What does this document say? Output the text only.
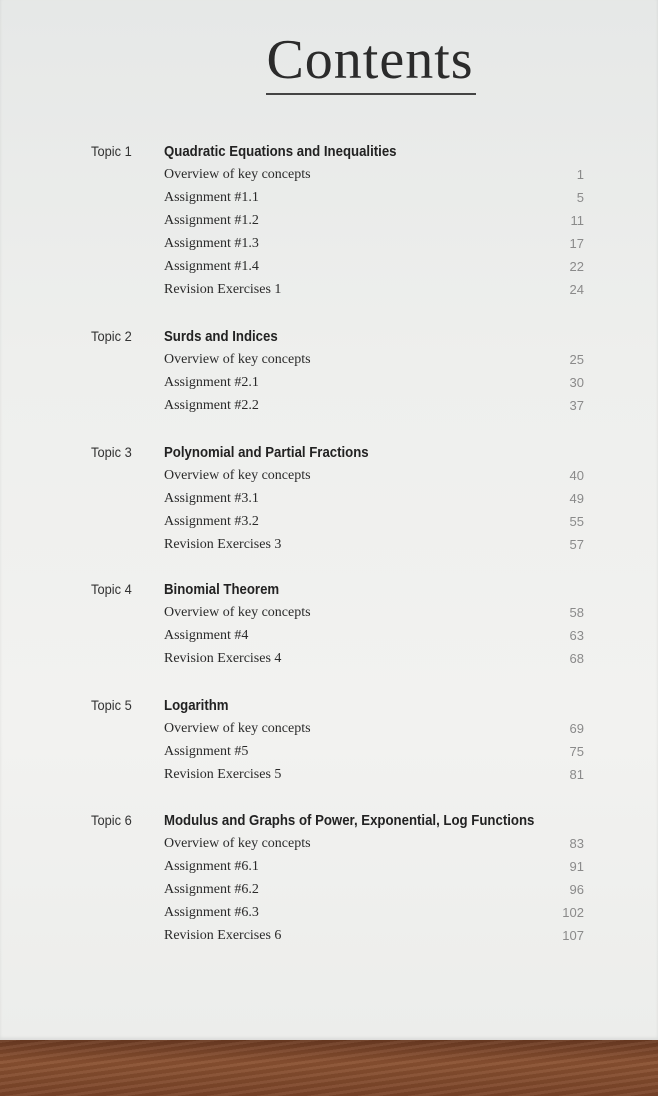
Contents
Topic 1 Quadratic Equations and Inequalities
Overview of key concepts	1
Assignment #1.1	5
Assignment #1.2	11
Assignment #1.3	17
Assignment #1.4	22
Revision Exercises 1	24
Topic 2 Surds and Indices
Overview of key concepts	25
Assignment #2.1	30
Assignment #2.2	37
Topic 3 Polynomial and Partial Fractions
Overview of key concepts	40
Assignment #3.1	49
Assignment #3.2	55
Revision Exercises 3	57
Topic 4 Binomial Theorem
Overview of key concepts	58
Assignment #4	63
Revision Exercises 4	68
Topic 5 Logarithm
Overview of key concepts	69
Assignment #5	75
Revision Exercises 5	81
Topic 6 Modulus and Graphs of Power, Exponential, Log Functions
Overview of key concepts	83
Assignment #6.1	91
Assignment #6.2	96
Assignment #6.3	102
Revision Exercises 6	107
